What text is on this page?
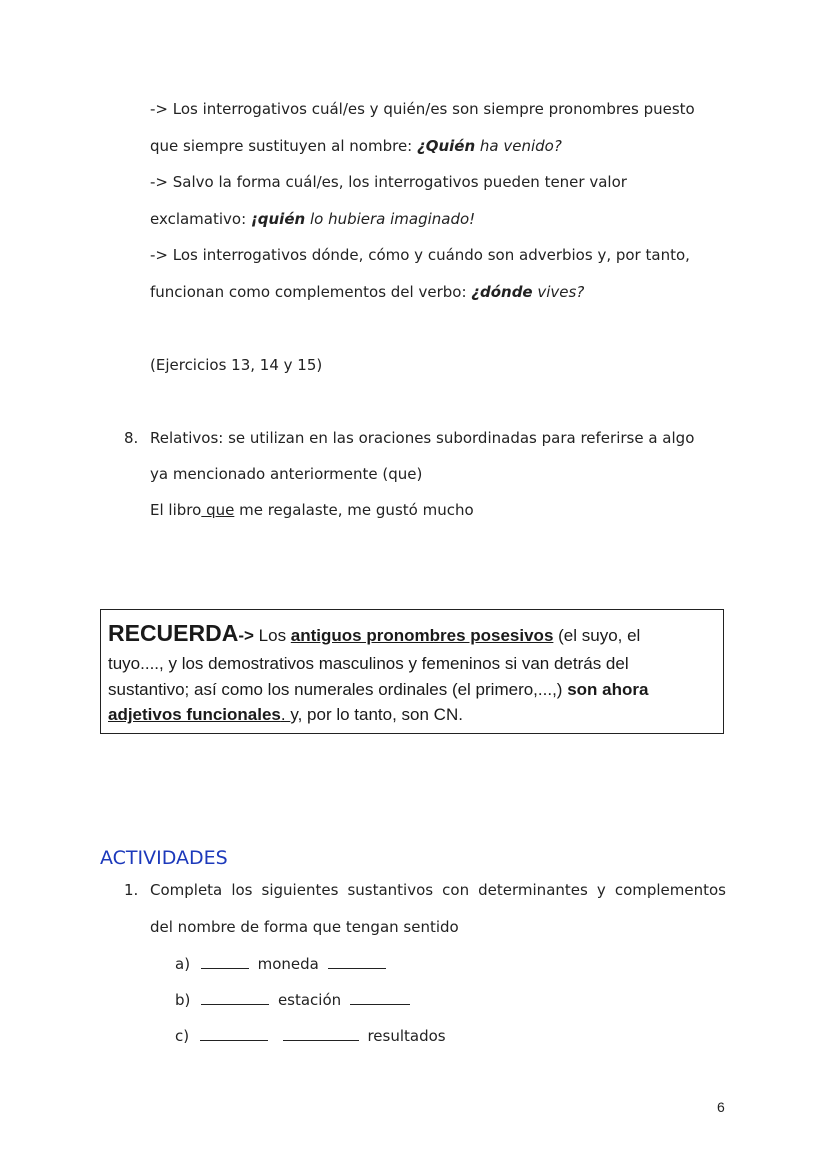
-> Los interrogativos cuál/es y quién/es son siempre pronombres puesto
que siempre sustituyen al nombre: ¿Quién ha venido?
-> Salvo la forma cuál/es, los interrogativos pueden tener valor
exclamativo: ¡quién lo hubiera imaginado!
-> Los interrogativos dónde, cómo y cuándo son adverbios y, por tanto,
funcionan como complementos del verbo: ¿dónde vives?
(Ejercicios 13, 14 y 15)
8. Relativos: se utilizan en las oraciones subordinadas para referirse a algo
ya mencionado anteriormente (que)
El libro que me regalaste, me gustó mucho
RECUERDA-> Los antiguos pronombres posesivos (el suyo, el
tuyo...., y los demostrativos masculinos y femeninos si van detrás del
sustantivo; así como los numerales ordinales (el primero,...,) son ahora
adjetivos funcionales. y, por lo tanto, son CN.
ACTIVIDADES
1. Completa los siguientes sustantivos con determinantes y complementos
del nombre de forma que tengan sentido
a)	moneda
b)	estación
c)	resultados
6
